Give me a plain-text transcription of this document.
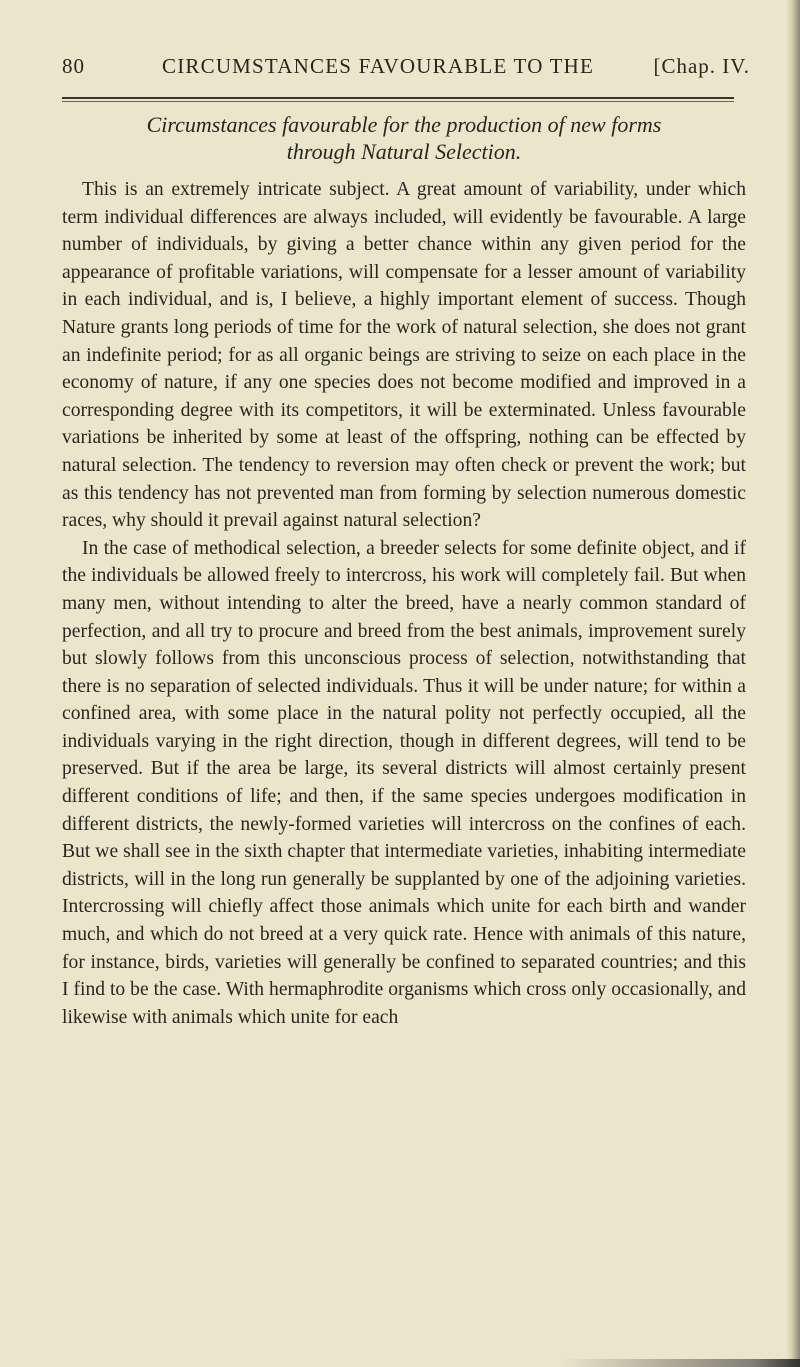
80	CIRCUMSTANCES FAVOURABLE TO THE	[Chap. IV.
Circumstances favourable for the production of new forms
through Natural Selection.

This is an extremely intricate subject. A great amount of variability, under which term individual differences are always included, will evidently be favourable. A large number of individuals, by giving a better chance within any given period for the appearance of profitable variations, will compensate for a lesser amount of variability in each individual, and is, I believe, a highly important element of success. Though Nature grants long periods of time for the work of natural selection, she does not grant an indefinite period; for as all organic beings are striving to seize on each place in the economy of nature, if any one species does not become modified and improved in a corresponding degree with its competitors, it will be exterminated. Unless favourable variations be inherited by some at least of the offspring, nothing can be effected by natural selection. The tendency to reversion may often check or prevent the work; but as this tendency has not prevented man from forming by selection numerous domestic races, why should it prevail against natural selection?

In the case of methodical selection, a breeder selects for some definite object, and if the individuals be allowed freely to intercross, his work will completely fail. But when many men, without intending to alter the breed, have a nearly common standard of perfection, and all try to procure and breed from the best animals, improvement surely but slowly follows from this unconscious process of selection, notwithstanding that there is no separation of selected individuals. Thus it will be under nature; for within a confined area, with some place in the natural polity not perfectly occupied, all the individuals varying in the right direction, though in different degrees, will tend to be preserved. But if the area be large, its several districts will almost certainly present different conditions of life; and then, if the same species undergoes modification in different districts, the newly-formed varieties will intercross on the confines of each. But we shall see in the sixth chapter that intermediate varieties, inhabiting intermediate districts, will in the long run generally be supplanted by one of the adjoining varieties. Intercrossing will chiefly affect those animals which unite for each birth and wander much, and which do not breed at a very quick rate. Hence with animals of this nature, for instance, birds, varieties will generally be confined to separated countries; and this I find to be the case. With hermaphrodite organisms which cross only occasionally, and likewise with animals which unite for each
